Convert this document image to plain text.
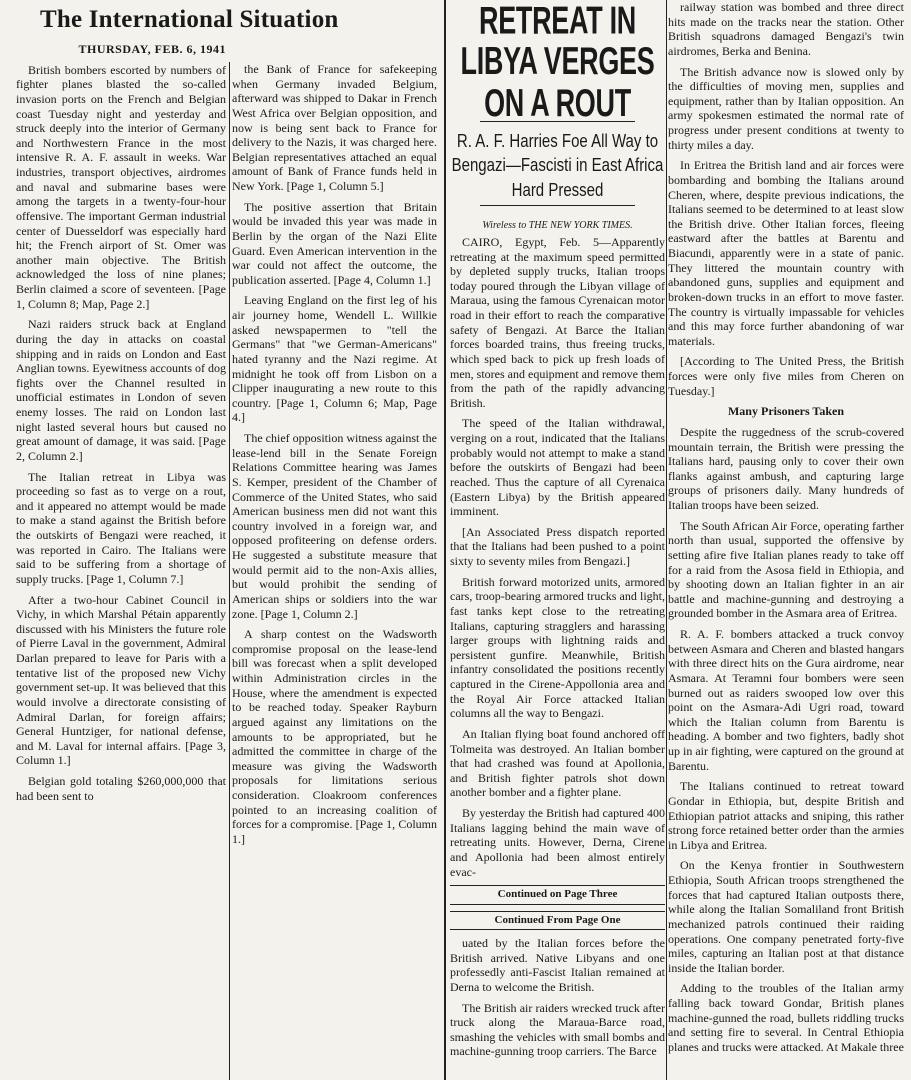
The International Situation
THURSDAY, FEB. 6, 1941

British bombers escorted by numbers of fighter planes blasted the so-called invasion ports on the French and Belgian coast Tuesday night and yesterday and struck deeply into the interior of Germany and Northwestern France in the most intensive R. A. F. assault in weeks. War industries, transport objectives, airdromes and naval and submarine bases were among the targets in a twenty-four-hour offensive. The important German industrial center of Duesseldorf was especially hard hit; the French airport of St. Omer was another main objective. The British acknowledged the loss of nine planes; Berlin claimed a score of seventeen. [Page 1, Column 8; Map, Page 2.]

Nazi raiders struck back at England during the day in attacks on coastal shipping and in raids on London and East Anglian towns. Eyewitness accounts of dog fights over the Channel resulted in unofficial estimates in London of seven enemy losses. The raid on London last night lasted several hours but caused no great amount of damage, it was said. [Page 2, Column 2.]

The Italian retreat in Libya was proceeding so fast as to verge on a rout, and it appeared no attempt would be made to make a stand against the British before the outskirts of Bengazi were reached, it was reported in Cairo. The Italians were said to be suffering from a shortage of supply trucks. [Page 1, Column 7.]

After a two-hour Cabinet Council in Vichy, in which Marshal Pétain apparently discussed with his Ministers the future role of Pierre Laval in the government, Admiral Darlan prepared to leave for Paris with a tentative list of the proposed new Vichy government set-up. It was believed that this would involve a directorate consisting of Admiral Darlan, for foreign affairs; General Huntziger, for national defense, and M. Laval for internal affairs. [Page 3, Column 1.]

Belgian gold totaling $260,000,000 that had been sent to

the Bank of France for safekeeping when Germany invaded Belgium, afterward was shipped to Dakar in French West Africa over Belgian opposition, and now is being sent back to France for delivery to the Nazis, it was charged here. Belgian representatives attached an equal amount of Bank of France funds held in New York. [Page 1, Column 5.]

The positive assertion that Britain would be invaded this year was made in Berlin by the organ of the Nazi Elite Guard. Even American intervention in the war could not affect the outcome, the publication asserted. [Page 4, Column 1.]

Leaving England on the first leg of his air journey home, Wendell L. Willkie asked newspapermen to "tell the Germans" that "we German-Americans" hated tyranny and the Nazi regime. At midnight he took off from Lisbon on a Clipper inaugurating a new route to this country. [Page 1, Column 6; Map, Page 4.]

The chief opposition witness against the lease-lend bill in the Senate Foreign Relations Committee hearing was James S. Kemper, president of the Chamber of Commerce of the United States, who said American business men did not want this country involved in a foreign war, and opposed profiteering on defense orders. He suggested a substitute measure that would permit aid to the non-Axis allies, but would prohibit the sending of American ships or soldiers into the war zone. [Page 1, Column 2.]

A sharp contest on the Wadsworth compromise proposal on the lease-lend bill was forecast when a split developed within Administration circles in the House, where the amendment is expected to be reached today. Speaker Rayburn argued against any limitations on the amounts to be appropriated, but he admitted the committee in charge of the measure was giving the Wadsworth proposals for limitations serious consideration. Cloakroom conferences pointed to an increasing coalition of forces for a compromise. [Page 1, Column 1.]

RETREAT IN LIBYA VERGES ON A ROUT
R. A. F. Harries Foe All Way to Bengazi—Fascisti in East Africa Hard Pressed
Wireless to THE NEW YORK TIMES.

CAIRO, Egypt, Feb. 5—Apparently retreating at the maximum speed permitted by depleted supply trucks, Italian troops today poured through the Libyan village of Maraua, using the famous Cyrenaican motor road in their effort to reach the comparative safety of Bengazi. At Barce the Italian forces boarded trains, thus freeing trucks, which sped back to pick up fresh loads of men, stores and equipment and remove them from the path of the rapidly advancing British.

The speed of the Italian withdrawal, verging on a rout, indicated that the Italians probably would not attempt to make a stand before the outskirts of Bengazi had been reached. Thus the capture of all Cyrenaica (Eastern Libya) by the British appeared imminent.

[An Associated Press dispatch reported that the Italians had been pushed to a point sixty to seventy miles from Bengazi.]

British forward motorized units, armored cars, troop-bearing armored trucks and light, fast tanks kept close to the retreating Italians, capturing stragglers and harassing larger groups with lightning raids and persistent gunfire. Meanwhile, British infantry consolidated the positions recently captured in the Cirene-Appollonia area and the Royal Air Force attacked Italian columns all the way to Bengazi.

An Italian flying boat found anchored off Tolmeita was destroyed. An Italian bomber that had crashed was found at Apollonia, and British fighter patrols shot down another bomber and a fighter plane.

By yesterday the British had captured 400 Italians lagging behind the main wave of retreating units. However, Derna, Cirene and Apollonia had been almost entirely evac-

Continued on Page Three
Continued From Page One

uated by the Italian forces before the British arrived. Native Libyans and one professedly anti-Fascist Italian remained at Derna to welcome the British.

The British air raiders wrecked truck after truck along the Maraua-Barce road, smashing the vehicles with small bombs and machine-gunning troop carriers. The Barce

railway station was bombed and three direct hits made on the tracks near the station. Other British squadrons damaged Bengazi's twin airdromes, Berka and Benina.

The British advance now is slowed only by the difficulties of moving men, supplies and equipment, rather than by Italian opposition. An army spokesmen estimated the normal rate of progress under present conditions at twenty to thirty miles a day.

In Eritrea the British land and air forces were bombarding and bombing the Italians around Cheren, where, despite previous indications, the Italians seemed to be determined to at least slow the British drive. Other Italian forces, fleeing eastward after the battles at Barentu and Biacundi, apparently were in a state of panic. They littered the mountain country with abandoned guns, supplies and equipment and broken-down trucks in an effort to move faster. The country is virtually impassable for vehicles and this may force further abandoning of war materials.

[According to The United Press, the British forces were only five miles from Cheren on Tuesday.]

Many Prisoners Taken

Despite the ruggedness of the scrub-covered mountain terrain, the British were pressing the Italians hard, pausing only to cover their own flanks against ambush, and capturing large groups of prisoners daily. Many hundreds of Italian troops have been seized.

The South African Air Force, operating farther north than usual, supported the offensive by setting afire five Italian planes ready to take off for a raid from the Asosa field in Ethiopia, and by shooting down an Italian fighter in an air battle and machine-gunning and destroying a grounded bomber in the Asmara area of Eritrea.

R. A. F. bombers attacked a truck convoy between Asmara and Cheren and blasted hangars with three direct hits on the Gura airdrome, near Asmara. At Teramni four bombers were seen burned out as raiders swooped low over this point on the Asmara-Adi Ugri road, toward which the Italian column from Barentu is heading. A bomber and two fighters, badly shot up in air fighting, were captured on the ground at Barentu.

The Italians continued to retreat toward Gondar in Ethiopia, but, despite British and Ethiopian patriot attacks and sniping, this rather strong force retained better order than the armies in Libya and Eritrea.

On the Kenya frontier in Southwestern Ethiopia, South African troops strengthened the forces that had captured Italian outposts there, while along the Italian Somaliland front British mechanized patrols continued their raiding operations. One company penetrated forty-five miles, capturing an Italian post at that distance inside the Italian border.

Adding to the troubles of the Italian army falling back toward Gondar, British planes machine-gunned the road, bullets riddling trucks and setting fire to several. In Central Ethiopia planes and trucks were attacked. At Makale three
